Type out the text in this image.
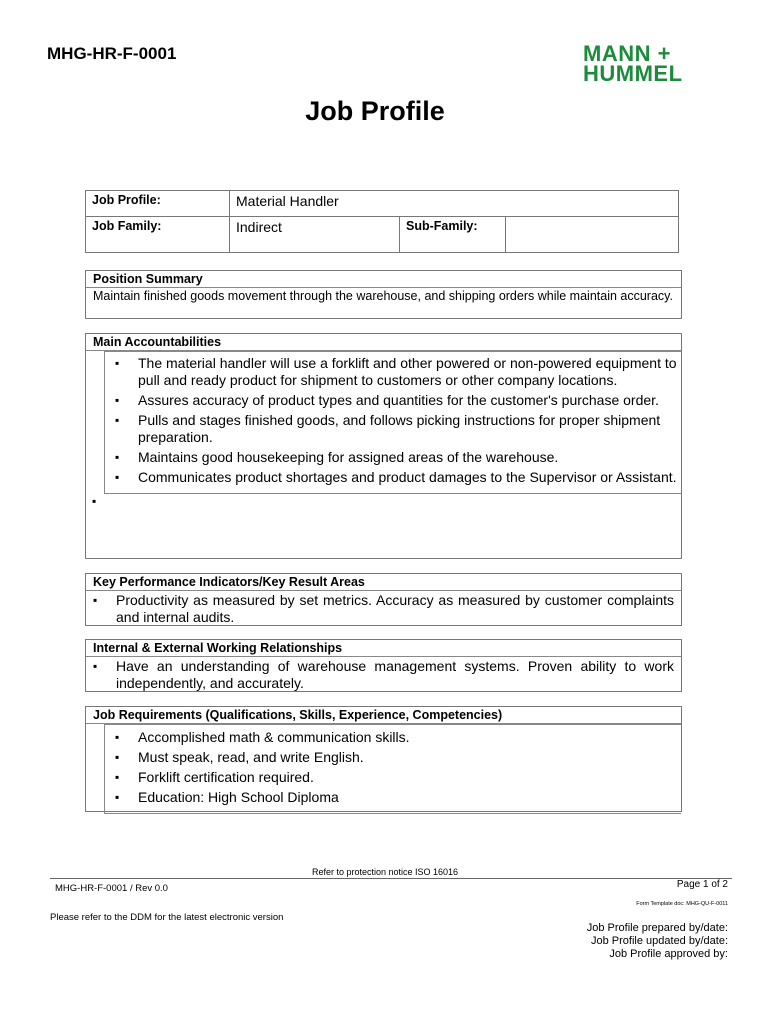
MHG-HR-F-0001	MANN +
HUMMEL
Job Profile
Job Profile:	Material Handler		
Job Family:	Indirect	Sub-Family:	
Position Summary
Maintain finished goods movement through the warehouse, and shipping orders while maintain accuracy.
Main Accountabilities
▪ The material handler will use a forklift and other powered or non-powered equipment to pull and ready product for shipment to customers or other company locations.
▪ Assures accuracy of product types and quantities for the customer's purchase order.
▪ Pulls and stages finished goods, and follows picking instructions for proper shipment preparation.
▪ Maintains good housekeeping for assigned areas of the warehouse.
▪ Communicates product shortages and product damages to the Supervisor or Assistant.
▪
Key Performance Indicators/Key Result Areas
▪ Productivity as measured by set metrics. Accuracy as measured by customer complaints and internal audits.
Internal & External Working Relationships
▪ Have an understanding of warehouse management systems. Proven ability to work independently, and accurately.
Job Requirements (Qualifications, Skills, Experience, Competencies)
▪ Accomplished math & communication skills.
▪ Must speak, read, and write English.
▪ Forklift certification required.
▪ Education: High School Diploma
Refer to protection notice ISO 16016
MHG-HR-F-0001 / Rev 0.0	Page 1 of 2
Form Template doc: MHG-QU-F-0011
Please refer to the DDM for the latest electronic version
Job Profile prepared by/date:
Job Profile updated by/date:
Job Profile approved by:
